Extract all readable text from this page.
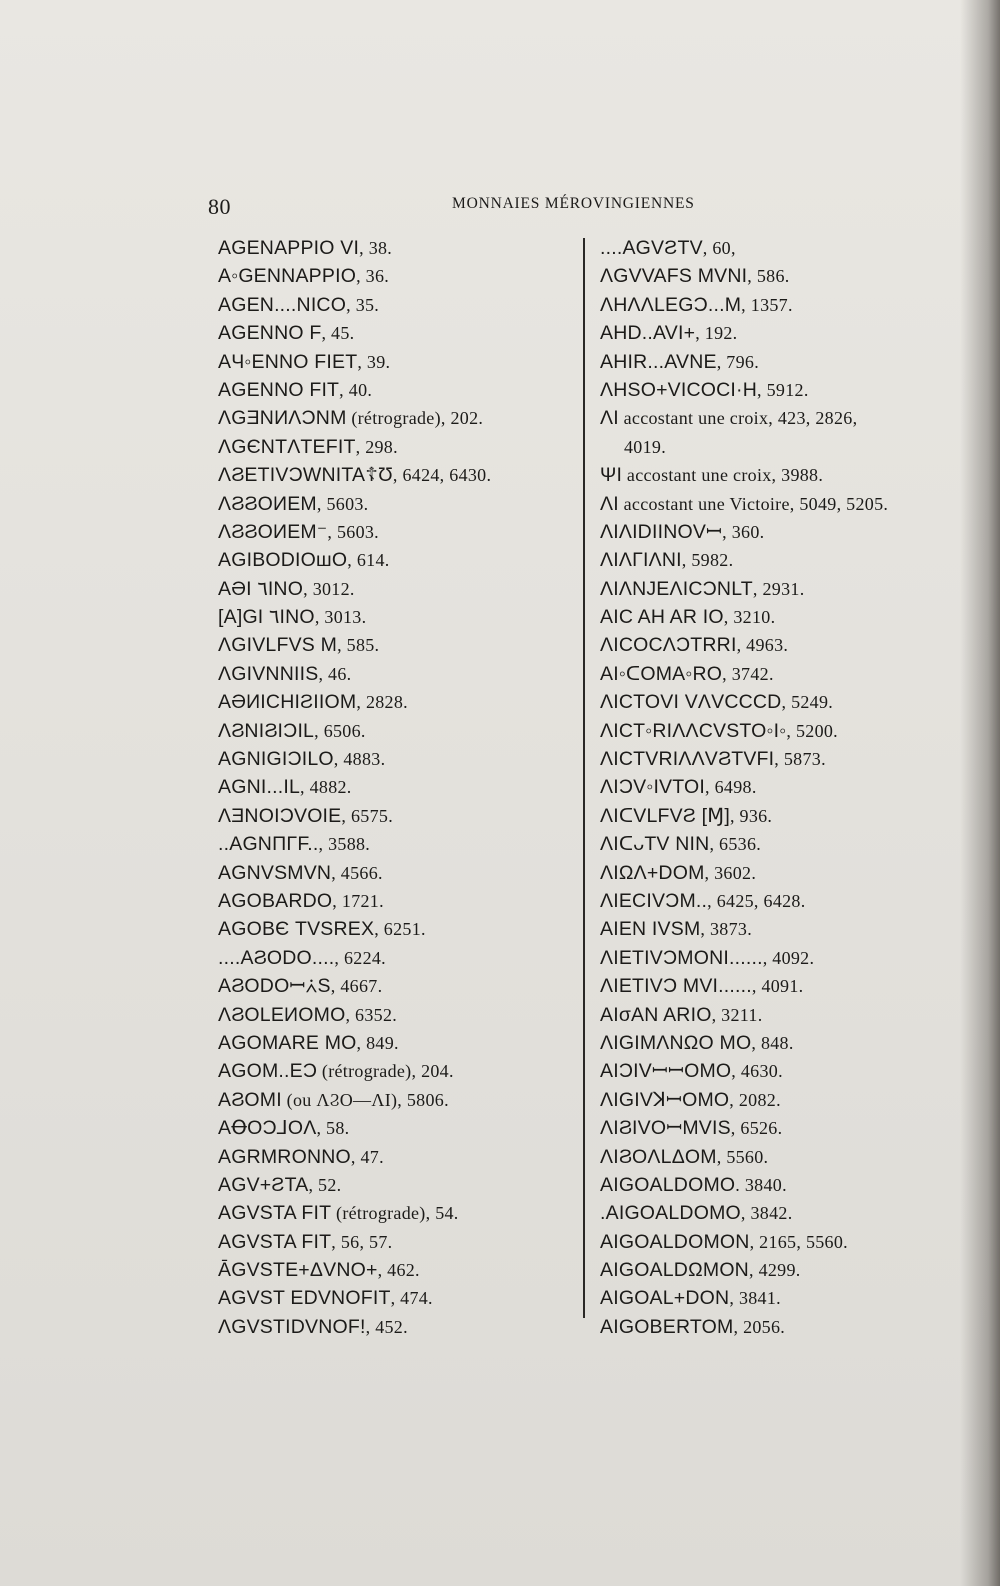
80	MONNAIES MÉROVINGIENNES
AGENAPPIO VI, 38.
A◦GENNAPPIO, 36.
AGEN....NICO, 35.
AGENNO F, 45.
AЧ◦ENNO FIET, 39.
AGENNO FIT, 40.
ΛGƎNИΛƆNM (rétrograde), 202.
ΛGЄNTΛTEFIT, 298.
ΛϨETIVƆWNITA☦Ʊ, 6424, 6430.
ΛϨϨOИEM, 5603.
ΛϨϨOИEM⁻, 5603.
AGIBODIOшO, 614.
AƏI ٦INO, 3012.
[A]GI ٦INO, 3013.
ΛGIVLFVS M, 585.
ΛGIVNNIIS, 46.
AƏИICHIƧIIOM, 2828.
ΛϨNIϨIƆIL, 6506.
AGNIGIƆILO, 4883.
AGNI...IL, 4882.
ΛƎNOIƆVOIE, 6575.
..AGNΠΓF.., 3588.
AGNVSMVN, 4566.
AGOBARDO, 1721.
AGOBЄ TVSREX, 6251.
....AϨODO...., 6224.
AϨODOꟷ⩑S, 4667.
ΛϨOLEИOMO, 6352.
AGOMARE MO, 849.
AGOM..EƆ (rétrograde), 204.
AϨOMI (ou ΛϨO—ΛI), 5806.
AꝊOƆ⅃OΛ, 58.
AGRMRONNO, 47.
AGV+ƧTA, 52.
AGVSTA FIT (rétrograde), 54.
AGVSTA FIT, 56, 57.
ĀGVSTE+ΔVNO+, 462.
AGVST EDVNOFIT, 474.
ΛGVSTIDVNOF!, 452.
....AGVƧTV, 60,
ΛGVVAFS MVNI, 586.
ΛHΛΛLEGƆ...M, 1357.
AHD..AVI+, 192.
AHIR...AVNE, 796.
ΛHSO+VICOCI·H, 5912.
ΛI accostant une croix, 423, 2826,
4019.
ΨI accostant une croix, 3988.
ΛI accostant une Victoire, 5049, 5205.
ΛIΛIDIINOVꟷ, 360.
ΛIΛΓIΛNI, 5982.
ΛIΛNJEΛICƆNLT, 2931.
AIC AH AR IO, 3210.
ΛICOCΛƆTRRI, 4963.
AI◦ᑕOMA◦RO, 3742.
ΛICTOVI VΛVCCCD, 5249.
ΛICT◦RIΛΛCVSTO◦I◦, 5200.
ΛICTVRIΛΛVϨTVFI, 5873.
ΛIƆV◦IVTOI, 6498.
ΛIᑕVLFVƧ [Ɱ], 936.
ΛIᑕᴗTV NIN, 6536.
ΛIΩΛ+DOM, 3602.
ΛIECIVƆM.., 6425, 6428.
AIEN IVSM, 3873.
ΛIETIVƆMONI......, 4092.
ΛIETIVƆ MVI......, 4091.
AIσAN ARIO, 3211.
ΛIGIMΛNΩO MO, 848.
AIƆIVꟷꟷOMO, 4630.
ΛIGIVꓘꟷOMO, 2082.
ΛIϨIVOꟷMVIS, 6526.
ΛIϨOΛLΔOM, 5560.
AIGOALDOMO. 3840.
.AIGOALDOMO, 3842.
AIGOALDOMON, 2165, 5560.
AIGOALDΩMON, 4299.
AIGOAL+DON, 3841.
AIGOBERTOM, 2056.
